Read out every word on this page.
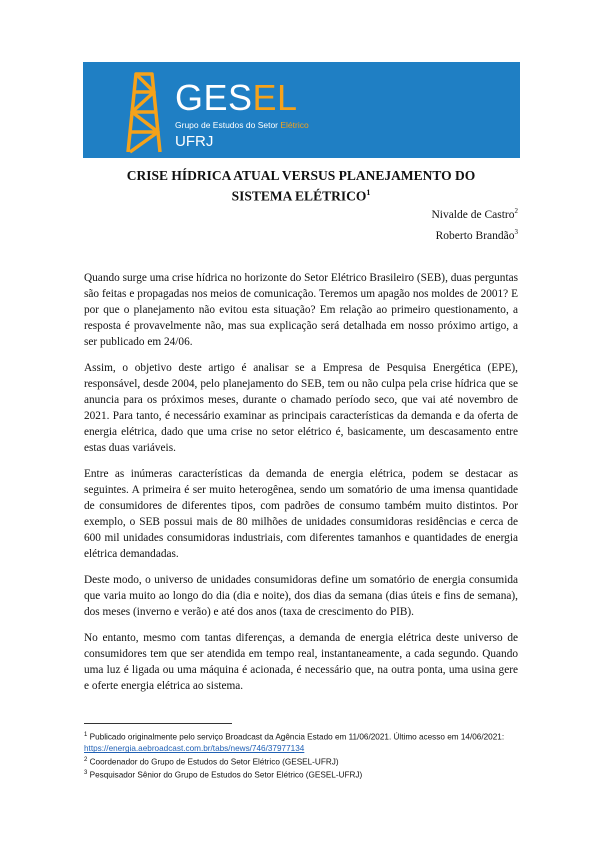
GESEL
Grupo de Estudos do Setor Elétrico
UFRJ
CRISE HÍDRICA ATUAL VERSUS PLANEJAMENTO DO
SISTEMA ELÉTRICO$^1$
Nivalde de Castro$^2$
Roberto Brandão$^3$

Quando surge uma crise hídrica no horizonte do Setor Elétrico Brasileiro (SEB), duas perguntas são feitas e propagadas nos meios de comunicação. Teremos um apagão nos moldes de 2001? E por que o planejamento não evitou esta situação? Em relação ao primeiro questionamento, a resposta é provavelmente não, mas sua explicação será detalhada em nosso próximo artigo, a ser publicado em 24/06.

Assim, o objetivo deste artigo é analisar se a Empresa de Pesquisa Energética (EPE), responsável, desde 2004, pelo planejamento do SEB, tem ou não culpa pela crise hídrica que se anuncia para os próximos meses, durante o chamado período seco, que vai até novembro de 2021. Para tanto, é necessário examinar as principais características da demanda e da oferta de energia elétrica, dado que uma crise no setor elétrico é, basicamente, um descasamento entre estas duas variáveis.

Entre as inúmeras características da demanda de energia elétrica, podem se destacar as seguintes. A primeira é ser muito heterogênea, sendo um somatório de uma imensa quantidade de consumidores de diferentes tipos, com padrões de consumo também muito distintos. Por exemplo, o SEB possui mais de 80 milhões de unidades consumidoras residências e cerca de 600 mil unidades consumidoras industriais, com diferentes tamanhos e quantidades de energia elétrica demandadas.

Deste modo, o universo de unidades consumidoras define um somatório de energia consumida que varia muito ao longo do dia (dia e noite), dos dias da semana (dias úteis e fins de semana), dos meses (inverno e verão) e até dos anos (taxa de crescimento do PIB).

No entanto, mesmo com tantas diferenças, a demanda de energia elétrica deste universo de consumidores tem que ser atendida em tempo real, instantaneamente, a cada segundo. Quando uma luz é ligada ou uma máquina é acionada, é necessário que, na outra ponta, uma usina gere e oferte energia elétrica ao sistema.

$^1$ Publicado originalmente pelo serviço Broadcast da Agência Estado em 11/06/2021. Último acesso em 14/06/2021: https://energia.aebroadcast.com.br/tabs/news/746/37977134

$^2$ Coordenador do Grupo de Estudos do Setor Elétrico (GESEL-UFRJ)

$^3$ Pesquisador Sênior do Grupo de Estudos do Setor Elétrico (GESEL-UFRJ)
